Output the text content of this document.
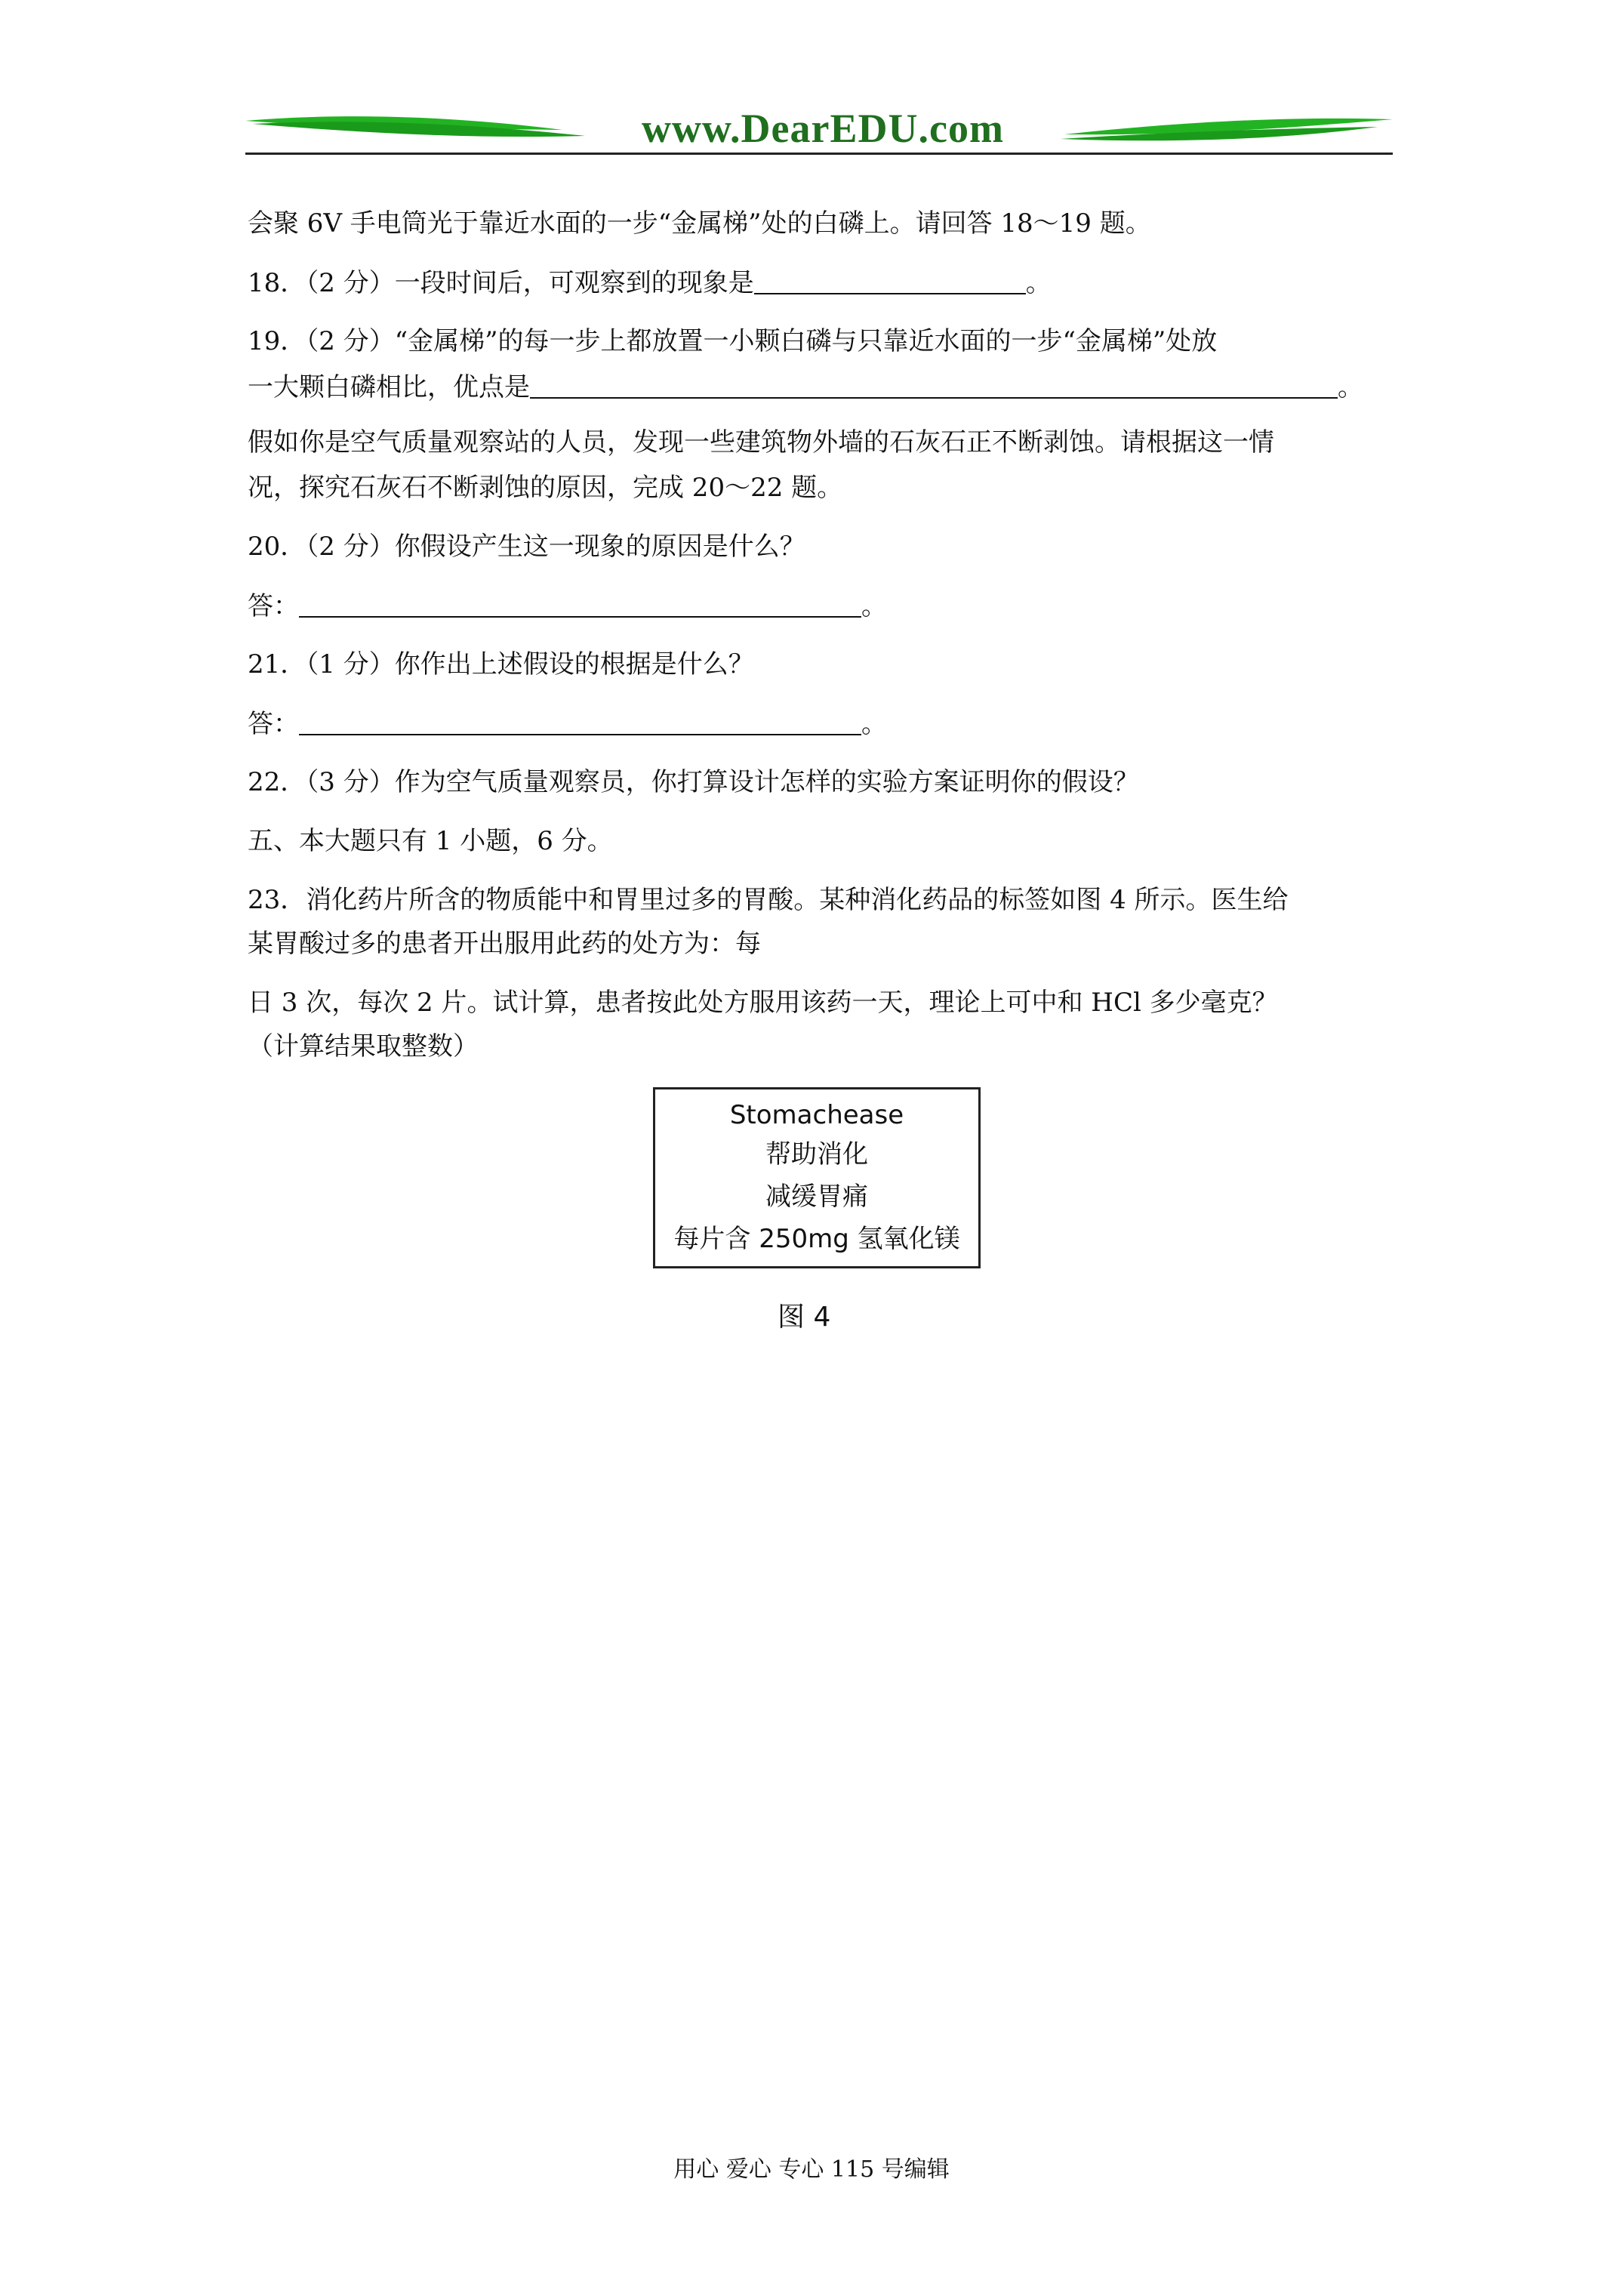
www.DearEDU.com
会聚 6V 手电筒光于靠近水面的一步“金属梯”处的白磷上。请回答 18～19 题。
18．（2 分）一段时间后，可观察到的现象是	。
19．（2 分）“金属梯”的每一步上都放置一小颗白磷与只靠近水面的一步“金属梯”处放
一大颗白磷相比，优点是	。
假如你是空气质量观察站的人员，发现一些建筑物外墙的石灰石正不断剥蚀。请根据这一情
况，探究石灰石不断剥蚀的原因，完成 20～22 题。
20．（2 分）你假设产生这一现象的原因是什么？
答：	。
21．（1 分）你作出上述假设的根据是什么？
答：	。
22．（3 分）作为空气质量观察员，你打算设计怎样的实验方案证明你的假设？
五、本大题只有 1 小题，6 分。
23．消化药片所含的物质能中和胃里过多的胃酸。某种消化药品的标签如图 4 所示。医生给
某胃酸过多的患者开出服用此药的处方为：每
日 3 次，每次 2 片。试计算，患者按此处方服用该药一天，理论上可中和 HCl 多少毫克？
（计算结果取整数）
Stomachease
帮助消化
减缓胃痛
每片含 250mg 氢氧化镁
图 4
用心 爱心 专心 115 号编辑
